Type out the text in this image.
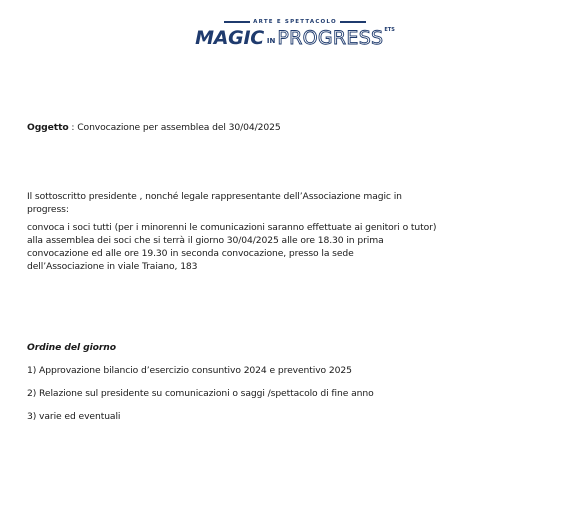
ARTE E SPETTACOLO
MAGIC IN PROGRESS ETS
Oggetto : Convocazione per assemblea del 30/04/2025
Il sottoscritto presidente , nonché legale rappresentante dell’Associazione magic in
progress:
convoca i soci tutti (per i minorenni le comunicazioni saranno effettuate ai genitori o tutor)
alla assemblea dei soci che si terrà il giorno 30/04/2025 alle ore 18.30 in prima
convocazione ed alle ore 19.30 in seconda convocazione, presso la sede
dell’Associazione in viale Traiano, 183
Ordine del giorno
1) Approvazione bilancio d’esercizio consuntivo 2024 e preventivo 2025
2) Relazione sul presidente su comunicazioni o saggi /spettacolo di fine anno
3) varie ed eventuali
